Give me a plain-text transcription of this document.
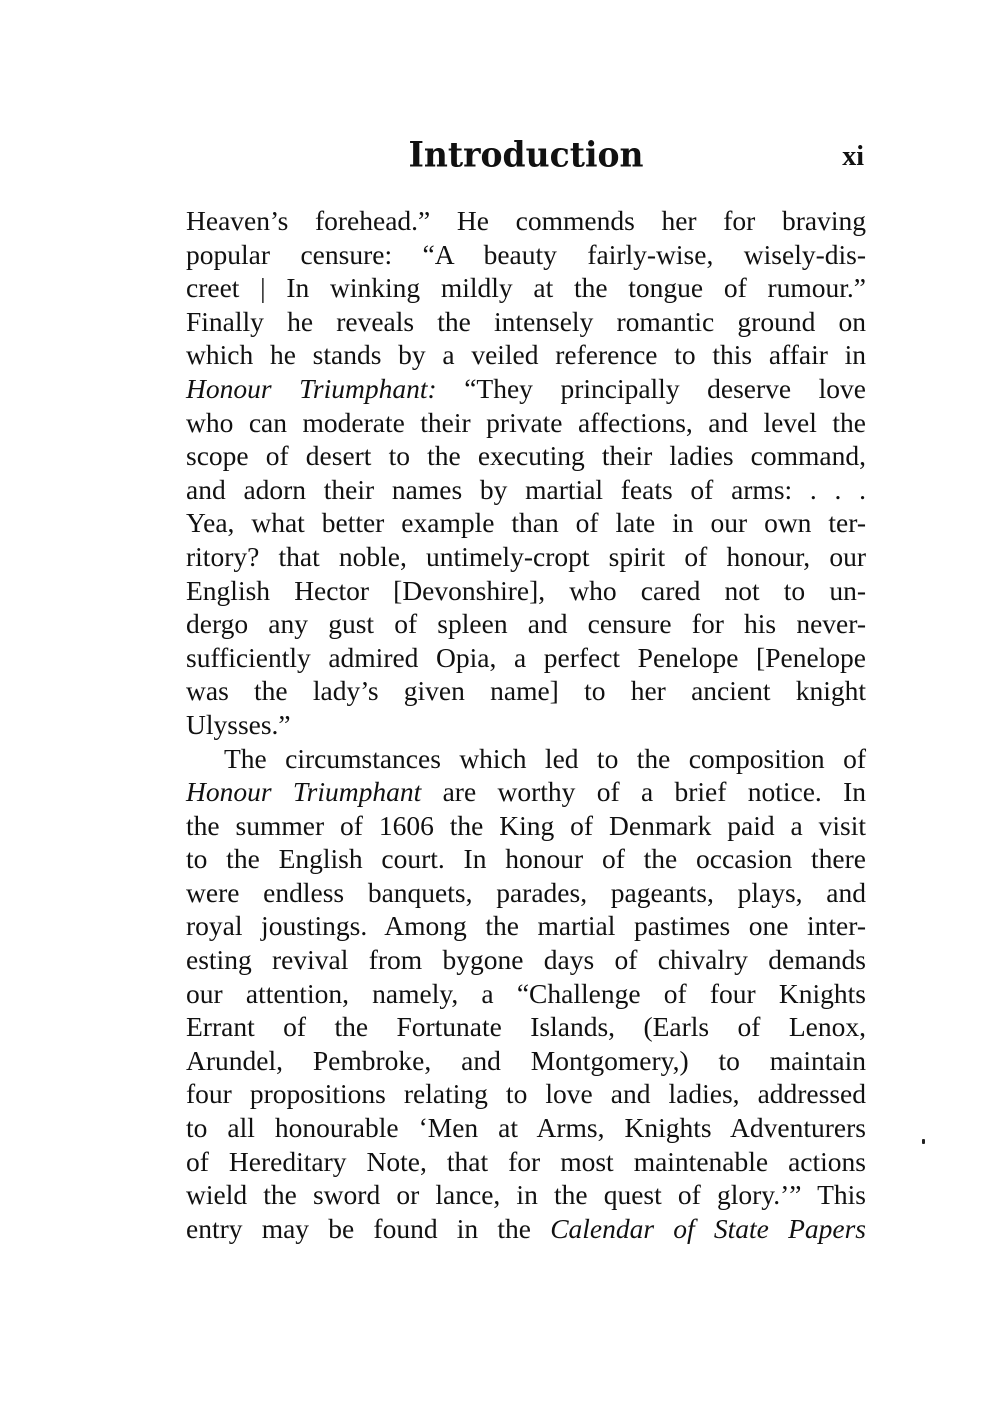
Introduction	xi
Heaven’s forehead.” He commends her for braving
popular censure: “A beauty fairly-wise, wisely-dis-
creet | In winking mildly at the tongue of rumour.”
Finally he reveals the intensely romantic ground on
which he stands by a veiled reference to this affair in
Honour Triumphant: “They principally deserve love
who can moderate their private affections, and level the
scope of desert to the executing their ladies command,
and adorn their names by martial feats of arms: . . .
Yea, what better example than of late in our own ter-
ritory? that noble, untimely-cropt spirit of honour, our
English Hector [Devonshire], who cared not to un-
dergo any gust of spleen and censure for his never-
sufficiently admired Opia, a perfect Penelope [Penelope
was the lady’s given name] to her ancient knight
Ulysses.”
The circumstances which led to the composition of
Honour Triumphant are worthy of a brief notice. In
the summer of 1606 the King of Denmark paid a visit
to the English court. In honour of the occasion there
were endless banquets, parades, pageants, plays, and
royal joustings. Among the martial pastimes one inter-
esting revival from bygone days of chivalry demands
our attention, namely, a “Challenge of four Knights
Errant of the Fortunate Islands, (Earls of Lenox,
Arundel, Pembroke, and Montgomery,) to maintain
four propositions relating to love and ladies, addressed
to all honourable ‘Men at Arms, Knights Adventurers
of Hereditary Note, that for most maintenable actions
wield the sword or lance, in the quest of glory.’” This
entry may be found in the Calendar of State Papers
